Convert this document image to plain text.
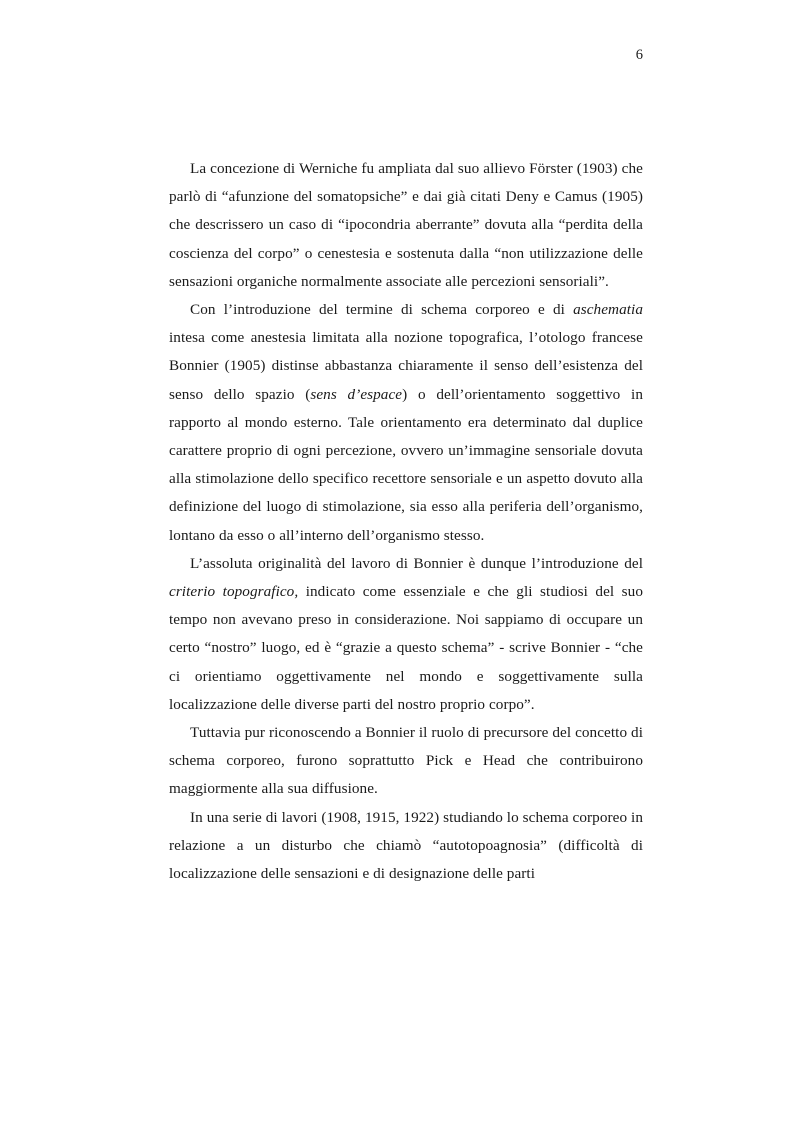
6

La concezione di Werniche fu ampliata dal suo allievo Förster (1903) che parlò di “afunzione del somatopsiche” e dai già citati Deny e Camus (1905) che descrissero un caso di “ipocondria aberrante” dovuta alla “perdita della coscienza del corpo” o cenestesia e sostenuta dalla “non utilizzazione delle sensazioni organiche normalmente associate alle percezioni sensoriali”.

Con l’introduzione del termine di schema corporeo e di aschematia intesa come anestesia limitata alla nozione topografica, l’otologo francese Bonnier (1905) distinse abbastanza chiaramente il senso dell’esistenza del senso dello spazio (sens d’espace) o dell’orientamento soggettivo in rapporto al mondo esterno. Tale orientamento era determinato dal duplice carattere proprio di ogni percezione, ovvero un’immagine sensoriale dovuta alla stimolazione dello specifico recettore sensoriale e un aspetto dovuto alla definizione del luogo di stimolazione, sia esso alla periferia dell’organismo, lontano da esso o all’interno dell’organismo stesso.

L’assoluta originalità del lavoro di Bonnier è dunque l’introduzione del criterio topografico, indicato come essenziale e che gli studiosi del suo tempo non avevano preso in considerazione. Noi sappiamo di occupare un certo “nostro” luogo, ed è “grazie a questo schema” - scrive Bonnier - “che ci orientiamo oggettivamente nel mondo e soggettivamente sulla localizzazione delle diverse parti del nostro proprio corpo”.

Tuttavia pur riconoscendo a Bonnier il ruolo di precursore del concetto di schema corporeo, furono soprattutto Pick e Head che contribuirono maggiormente alla sua diffusione.

In una serie di lavori (1908, 1915, 1922) studiando lo schema corporeo in relazione a un disturbo che chiamò “autotopoagnosia” (difficoltà di localizzazione delle sensazioni e di designazione delle parti
